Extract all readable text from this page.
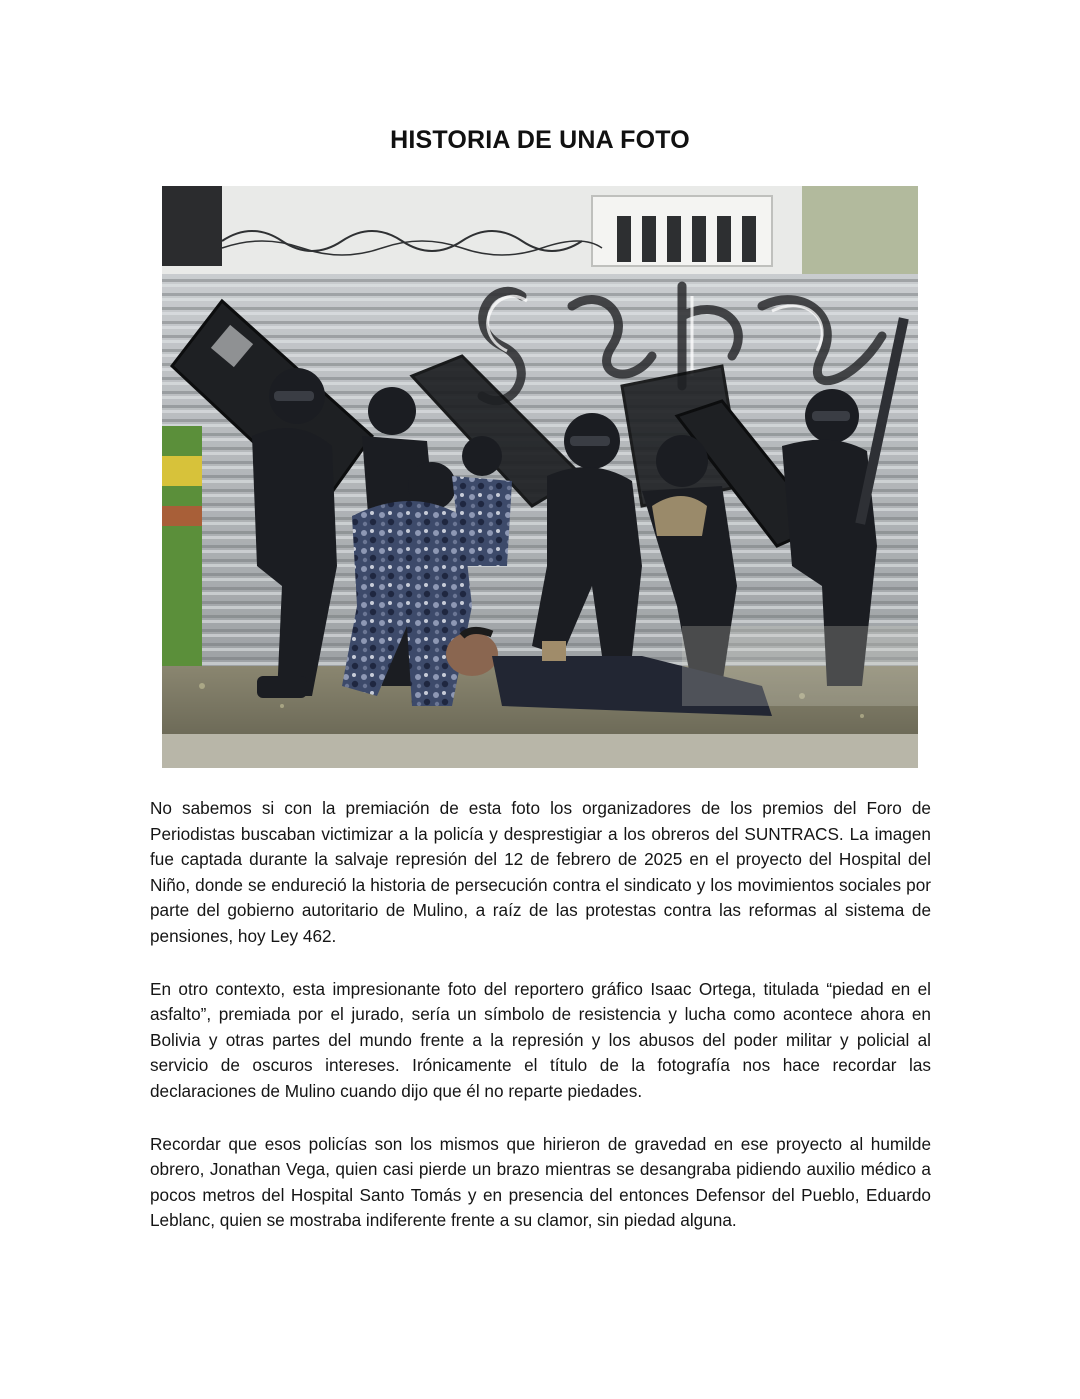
HISTORIA DE UNA FOTO

No sabemos si con la premiación de esta foto los organizadores de los premios del Foro de Periodistas buscaban victimizar a la policía y desprestigiar a los obreros del SUNTRACS. La imagen fue captada durante la salvaje represión del 12 de febrero de 2025 en el proyecto del Hospital del Niño, donde se endureció la historia de persecución contra el sindicato y los movimientos sociales por parte del gobierno autoritario de Mulino, a raíz de las protestas contra las reformas al sistema de pensiones, hoy Ley 462.

En otro contexto, esta impresionante foto del reportero gráfico Isaac Ortega, titulada “piedad en el asfalto”, premiada por el jurado, sería un símbolo de resistencia y lucha como acontece ahora en Bolivia y otras partes del mundo frente a la represión y los abusos del poder militar y policial al servicio de oscuros intereses. Irónicamente el título de la fotografía nos hace recordar las declaraciones de Mulino cuando dijo que él no reparte piedades.

Recordar que esos policías son los mismos que hirieron de gravedad en ese proyecto al humilde obrero, Jonathan Vega, quien casi pierde un brazo mientras se desangraba pidiendo auxilio médico a pocos metros del Hospital Santo Tomás y en presencia del entonces Defensor del Pueblo, Eduardo Leblanc, quien se mostraba indiferente frente a su clamor, sin piedad alguna.
